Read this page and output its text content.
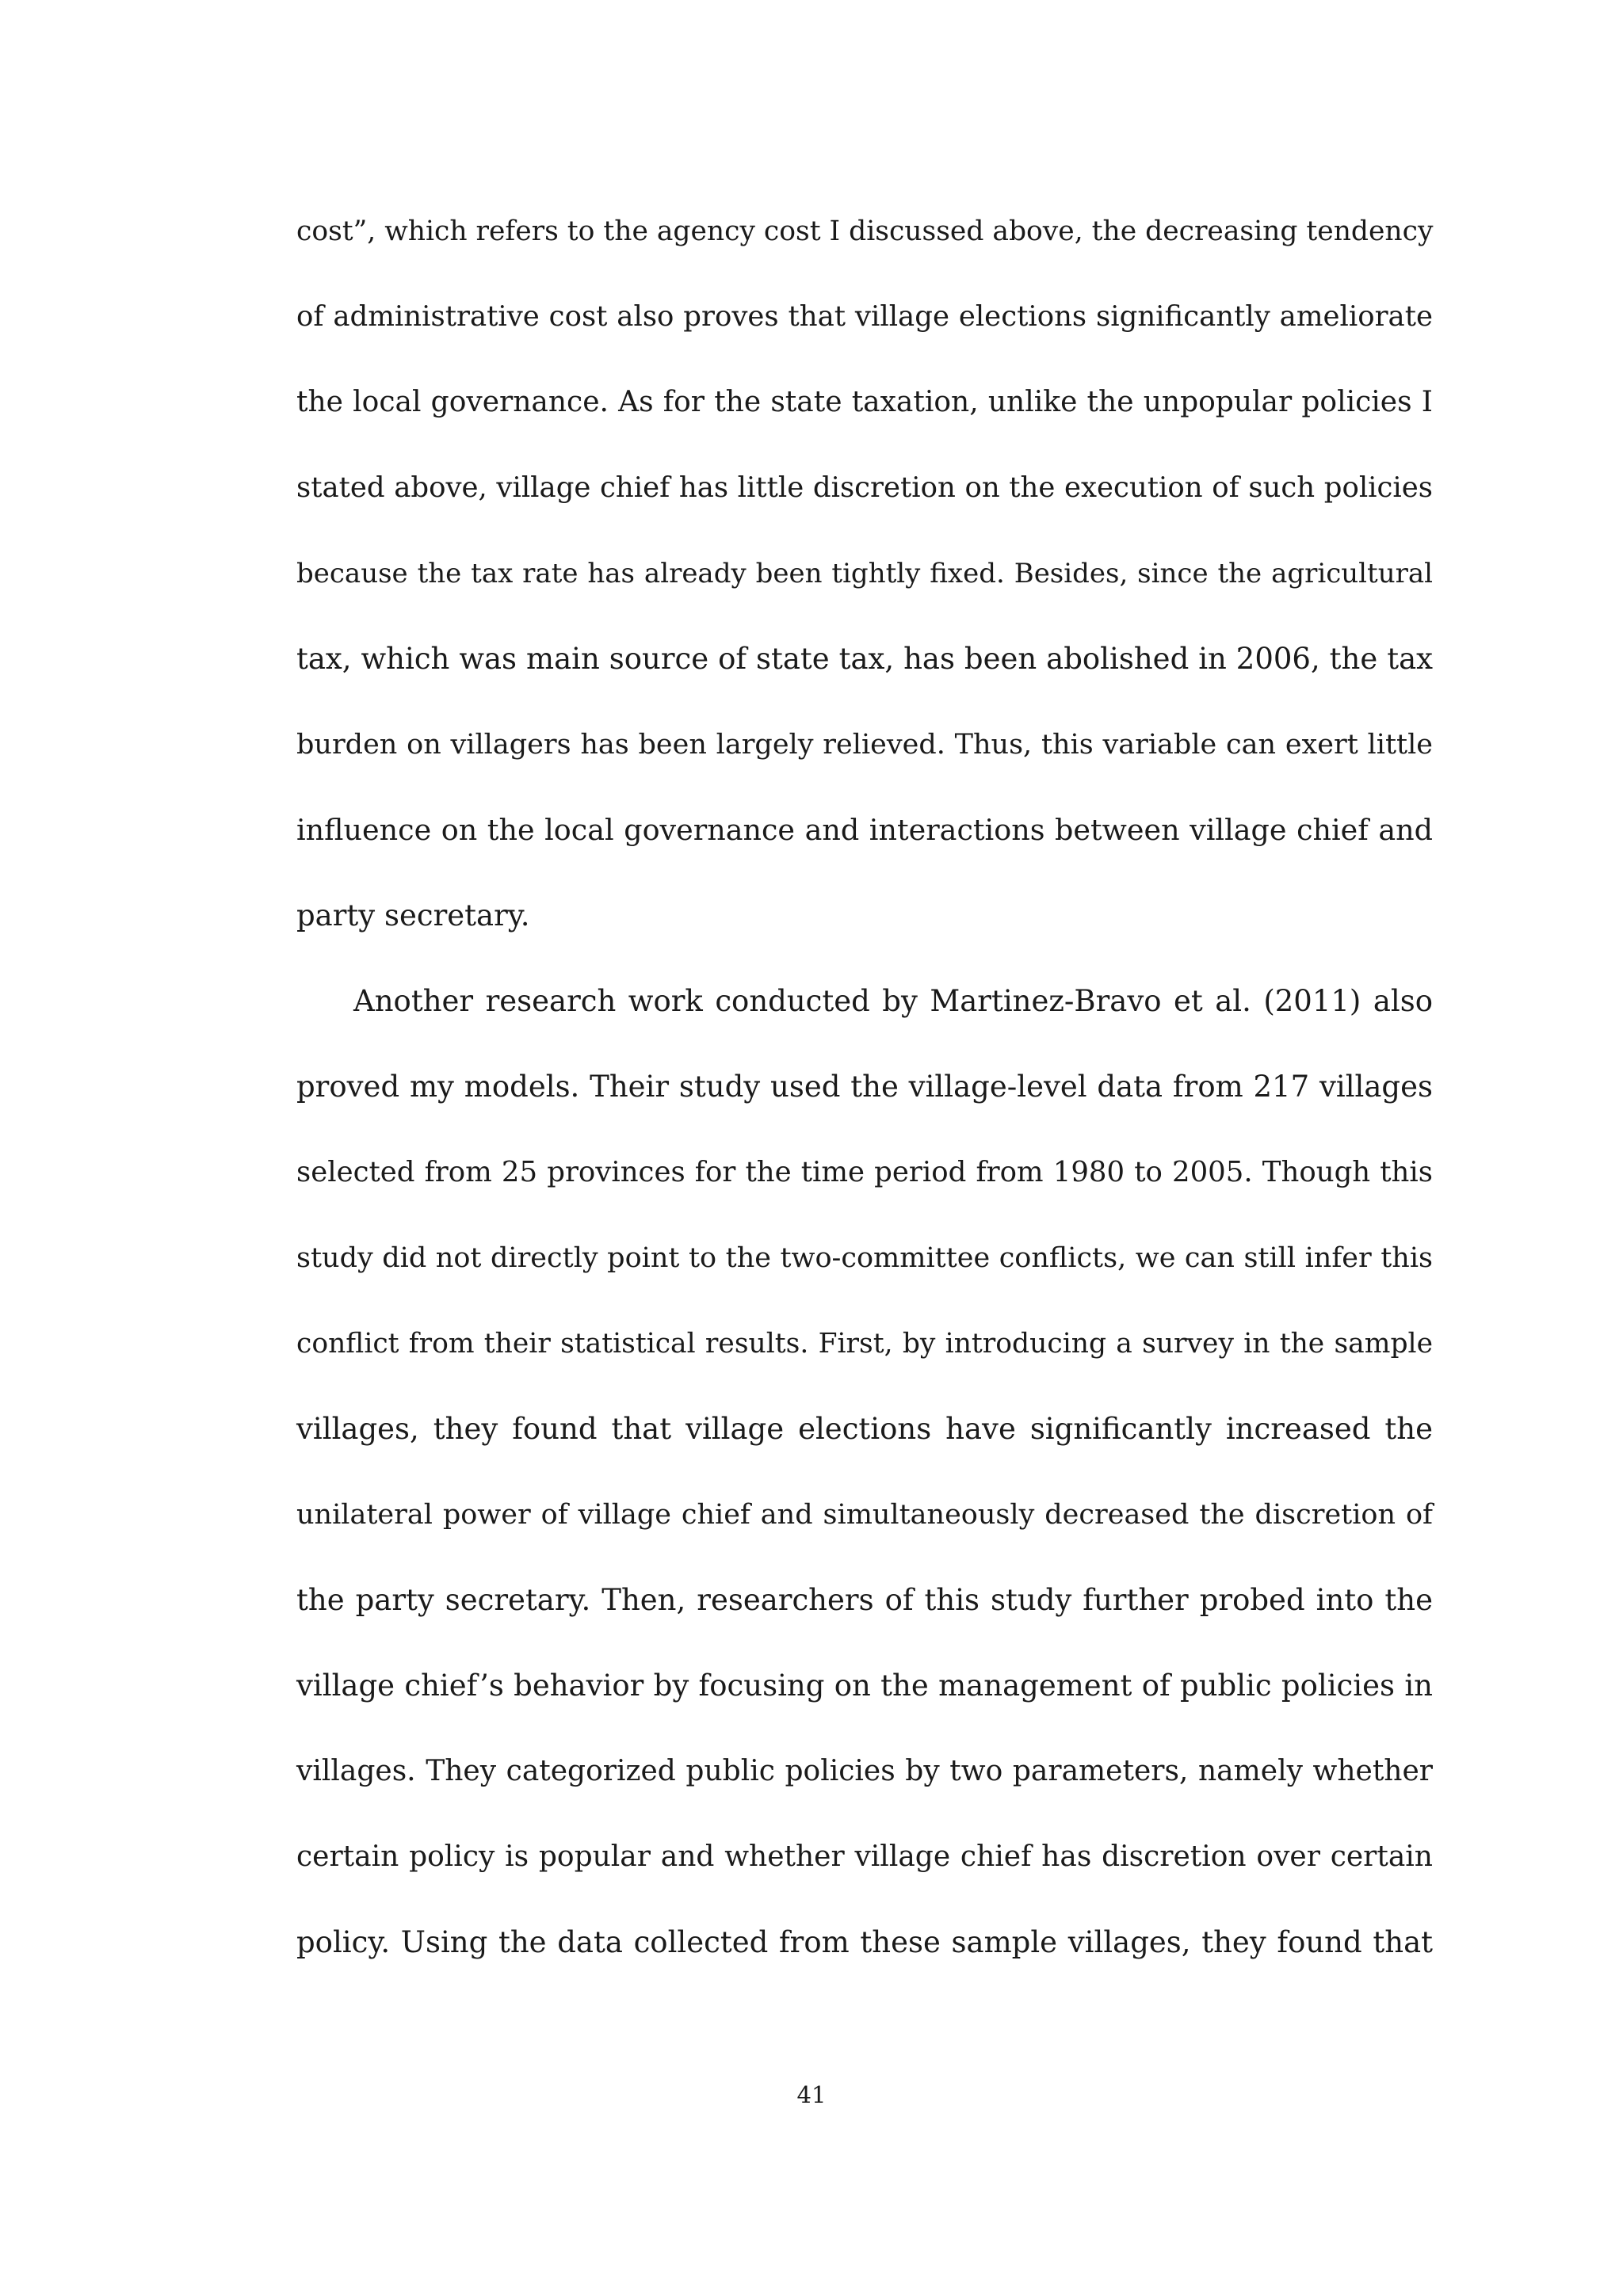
cost”, which refers to the agency cost I discussed above, the decreasing tendency
of administrative cost also proves that village elections significantly ameliorate
the local governance. As for the state taxation, unlike the unpopular policies I
stated above, village chief has little discretion on the execution of such policies
because the tax rate has already been tightly fixed. Besides, since the agricultural
tax, which was main source of state tax, has been abolished in 2006, the tax
burden on villagers has been largely relieved. Thus, this variable can exert little
influence on the local governance and interactions between village chief and
party secretary.
Another research work conducted by Martinez-Bravo et al. (2011) also
proved my models. Their study used the village-level data from 217 villages
selected from 25 provinces for the time period from 1980 to 2005. Though this
study did not directly point to the two-committee conflicts, we can still infer this
conflict from their statistical results. First, by introducing a survey in the sample
villages, they found that village elections have significantly increased the
unilateral power of village chief and simultaneously decreased the discretion of
the party secretary. Then, researchers of this study further probed into the
village chief’s behavior by focusing on the management of public policies in
villages. They categorized public policies by two parameters, namely whether
certain policy is popular and whether village chief has discretion over certain
policy. Using the data collected from these sample villages, they found that
41
